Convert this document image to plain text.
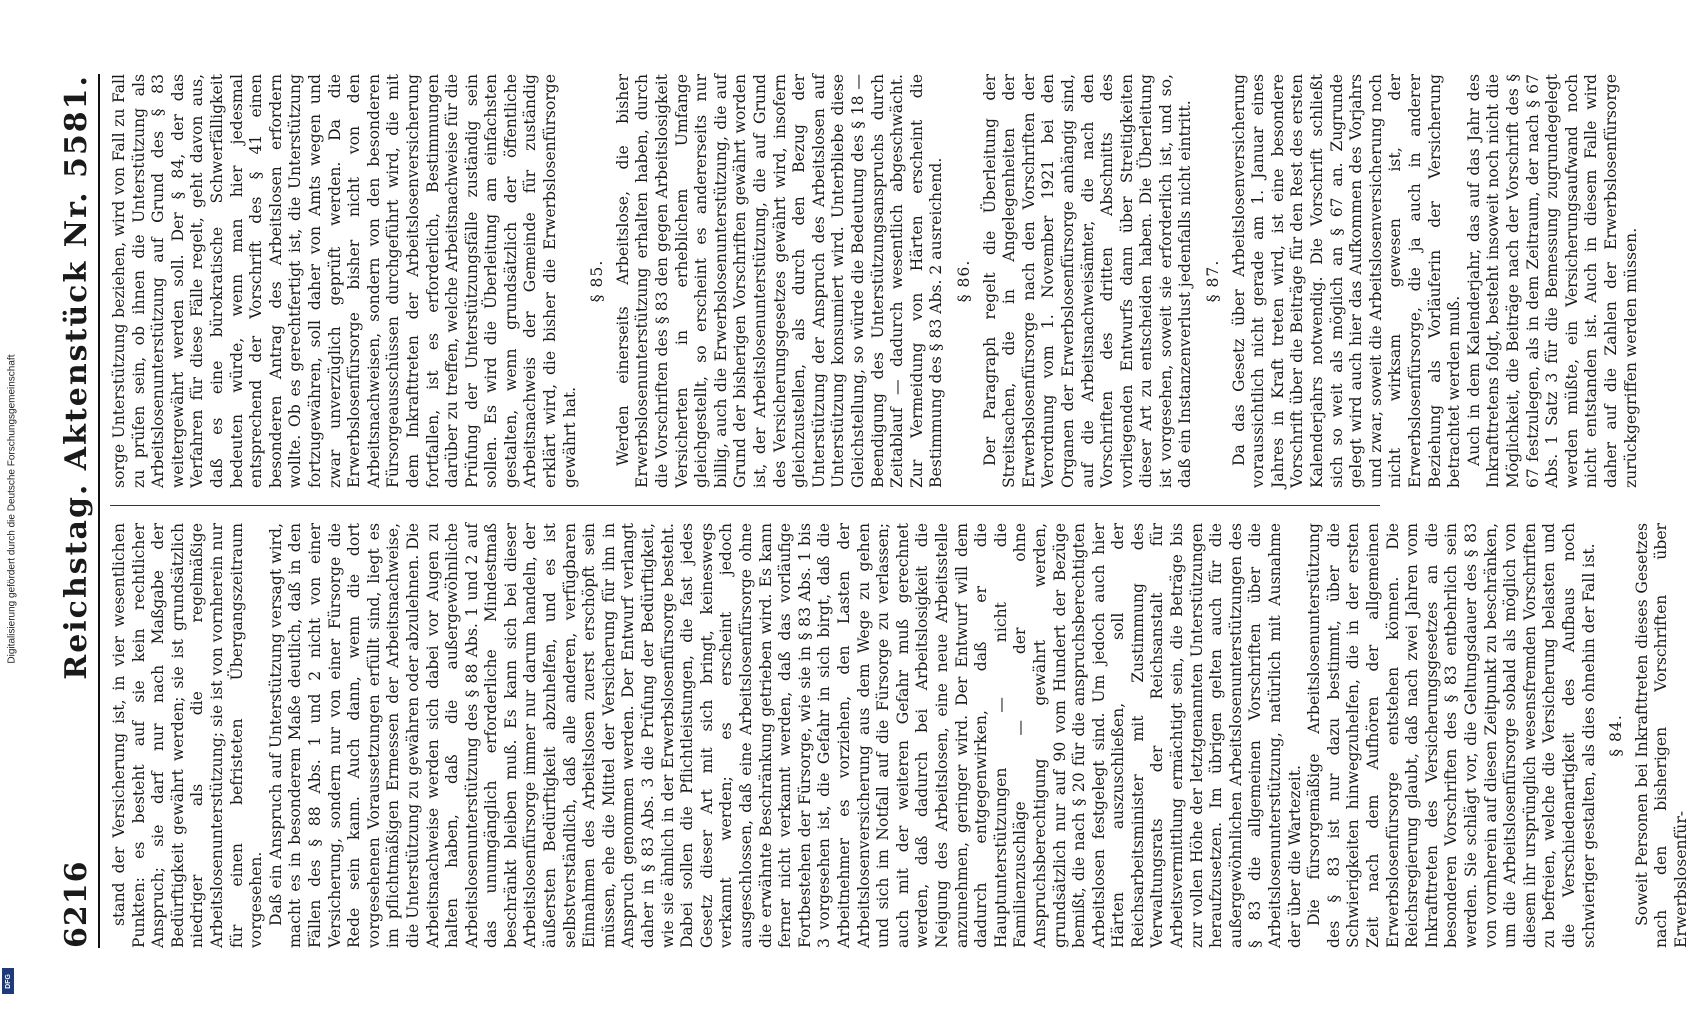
6216
Reichstag. Aktenstück Nr. 5581.

stand der Versicherung ist, in vier wesentlichen Punkten: es besteht auf sie kein rechtlicher Anspruch; sie darf nur nach Maßgabe der Bedürftigkeit gewährt werden; sie ist grundsätzlich niedriger als die regelmäßige Arbeitslosenunterstützung; sie ist von vornherein nur für einen befristeten Übergangszeitraum vorgesehen. Daß ein Anspruch auf Unterstützung versagt wird, macht es in besonderem Maße deutlich, daß in den Fällen des § 88 Abs. 1 und 2 nicht von einer Versicherung, sondern nur von einer Fürsorge die Rede sein kann. Auch dann, wenn die dort vorgesehenen Voraussetzungen erfüllt sind, liegt es im pflichtmäßigen Ermessen der Arbeitsnachweise, die Unterstützung zu gewähren oder abzulehnen. Die Arbeitsnachweise werden sich dabei vor Augen zu halten haben, daß die außergewöhnliche Arbeitslosenunterstützung des § 88 Abs. 1 und 2 auf das unumgänglich erforderliche Mindestmaß beschränkt bleiben muß. Es kann sich bei dieser Arbeitslosenfürsorge immer nur darum handeln, der äußersten Bedürftigkeit abzuhelfen, und es ist selbstverständlich, daß alle anderen, verfügbaren Einnahmen des Arbeitslosen zuerst erschöpft sein müssen, ehe die Mittel der Versicherung für ihn in Anspruch genommen werden. Der Entwurf verlangt daher in § 83 Abs. 3 die Prüfung der Bedürftigkeit, wie sie ähnlich in der Erwerbslosenfürsorge besteht. Dabei sollen die Pflichtleistungen, die fast jedes Gesetz dieser Art mit sich bringt, keineswegs verkannt werden; es erscheint jedoch ausgeschlossen, daß eine Arbeitslosenfürsorge ohne die erwähnte Beschränkung getrieben wird. Es kann ferner nicht verkannt werden, daß das vorläufige Fortbestehen der Fürsorge, wie sie in § 83 Abs. 1 bis 3 vorgesehen ist, die Gefahr in sich birgt, daß die Arbeitnehmer es vorziehen, den Lasten der Arbeitslosenversicherung aus dem Wege zu gehen und sich im Notfall auf die Fürsorge zu verlassen; auch mit der weiteren Gefahr muß gerechnet werden, daß dadurch bei Arbeitslosigkeit die Neigung des Arbeitslosen, eine neue Arbeitsstelle anzunehmen, geringer wird. Der Entwurf will dem dadurch entgegenwirken, daß er die Hauptunterstützungen — nicht die Familienzuschläge — der ohne Anspruchsberechtigung gewährt werden, grundsätzlich nur auf 90 vom Hundert der Bezüge bemißt, die nach § 20 für die anspruchsberechtigten Arbeitslosen festgelegt sind. Um jedoch auch hier Härten auszuschließen, soll der Reichsarbeitsminister mit Zustimmung des Verwaltungsrats der Reichsanstalt für Arbeitsvermittlung ermächtigt sein, die Beträge bis zur vollen Höhe der letztgenannten Unterstützungen heraufzusetzen. Im übrigen gelten auch für die außergewöhnlichen Arbeitslosenunterstützungen des § 83 die allgemeinen Vorschriften über die Arbeitslosenunterstützung, natürlich mit Ausnahme der über die Wartezeit. Die fürsorgemäßige Arbeitslosenunterstützung des § 83 ist nur dazu bestimmt, über die Schwierigkeiten hinwegzuhelfen, die in der ersten Zeit nach dem Aufhören der allgemeinen Erwerbslosenfürsorge entstehen können. Die Reichsregierung glaubt, daß nach zwei Jahren vom Inkrafttreten des Versicherungsgesetzes an die besonderen Vorschriften des § 83 entbehrlich sein werden. Sie schlägt vor, die Geltungsdauer des § 83 von vornherein auf diesen Zeitpunkt zu beschränken, um die Arbeitslosenfürsorge sobald als möglich von diesem ihr ursprünglich wesensfremden Vorschriften zu befreien, welche die Versicherung belasten und die Verschiedenartigkeit des Aufbaus noch schwieriger gestalten, als dies ohnehin der Fall ist. § 84. Soweit Personen bei Inkrafttreten dieses Gesetzes nach den bisherigen Vorschriften über Erwerbslosenfür-

sorge Unterstützung beziehen, wird von Fall zu Fall zu prüfen sein, ob ihnen die Unterstützung als Arbeitslosenunterstützung auf Grund des § 83 weitergewährt werden soll. Der § 84, der das Verfahren für diese Fälle regelt, geht davon aus, daß es eine bürokratische Schwerfälligkeit bedeuten würde, wenn man hier jedesmal entsprechend der Vorschrift des § 41 einen besonderen Antrag des Arbeitslosen erfordern wollte. Ob es gerechtfertigt ist, die Unterstützung fortzugewähren, soll daher von Amts wegen und zwar unverzüglich geprüft werden. Da die Erwerbslosenfürsorge bisher nicht von den Arbeitsnachweisen, sondern von den besonderen Fürsorgeausschüssen durchgeführt wird, die mit dem Inkrafttreten der Arbeitslosenversicherung fortfallen, ist es erforderlich, Bestimmungen darüber zu treffen, welche Arbeitsnachweise für die Prüfung der Unterstützungsfälle zuständig sein sollen. Es wird die Überleitung am einfachsten gestalten, wenn grundsätzlich der öffentliche Arbeitsnachweis der Gemeinde für zuständig erklärt wird, die bisher die Erwerbslosenfürsorge gewährt hat.

§ 85. Werden einerseits Arbeitslose, die bisher Erwerbslosenunterstützung erhalten haben, durch die Vorschriften des § 83 den gegen Arbeitslosigkeit Versicherten in erheblichem Umfange gleichgestellt, so erscheint es andererseits nur billig, auch die Erwerbslosenunterstützung, die auf Grund der bisherigen Vorschriften gewährt worden ist, der Arbeitslosenunterstützung, die auf Grund des Versicherungsgesetzes gewährt wird, insofern gleichzustellen, als durch den Bezug der Unterstützung der Anspruch des Arbeitslosen auf Unterstützung konsumiert wird. Unterbliebe diese Gleichstellung, so würde die Bedeutung des § 18 — Beendigung des Unterstützungsanspruchs durch Zeitablauf — dadurch wesentlich abgeschwächt. Zur Vermeidung von Härten erscheint die Bestimmung des § 83 Abs. 2 ausreichend. § 86. Der Paragraph regelt die Überleitung der Streitsachen, die in Angelegenheiten der Erwerbslosenfürsorge nach den Vorschriften der Verordnung vom 1. November 1921 bei den Organen der Erwerbslosenfürsorge anhängig sind, auf die Arbeitsnachweisämter, die nach den Vorschriften des dritten Abschnitts des vorliegenden Entwurfs dann über Streitigkeiten dieser Art zu entscheiden haben. Die Überleitung ist vorgesehen, soweit sie erforderlich ist, und so, daß ein Instanzenverlust jedenfalls nicht eintritt. § 87. Da das Gesetz über Arbeitslosenversicherung voraussichtlich nicht gerade am 1. Januar eines Jahres in Kraft treten wird, ist eine besondere Vorschrift über die Beiträge für den Rest des ersten Kalenderjahrs notwendig. Die Vorschrift schließt sich so weit als möglich an § 67 an. Zugrunde gelegt wird auch hier das Aufkommen des Vorjahrs und zwar, soweit die Arbeitslosenversicherung noch nicht wirksam gewesen ist, der Erwerbslosenfürsorge, die ja auch in anderer Beziehung als Vorläuferin der Versicherung betrachtet werden muß. Auch in dem Kalenderjahr, das auf das Jahr des Inkrafttretens folgt, besteht insoweit noch nicht die Möglichkeit, die Beiträge nach der Vorschrift des § 67 festzulegen, als in dem Zeitraum, der nach § 67 Abs. 1 Satz 3 für die Bemessung zugrundegelegt werden müßte, ein Versicherungsaufwand noch nicht entstanden ist. Auch in diesem Falle wird daher auf die Zahlen der Erwerbslosenfürsorge zurückgegriffen werden müssen.

Digitalisierung gefördert durch die Deutsche Forschungsgemeinschaft
DFG
